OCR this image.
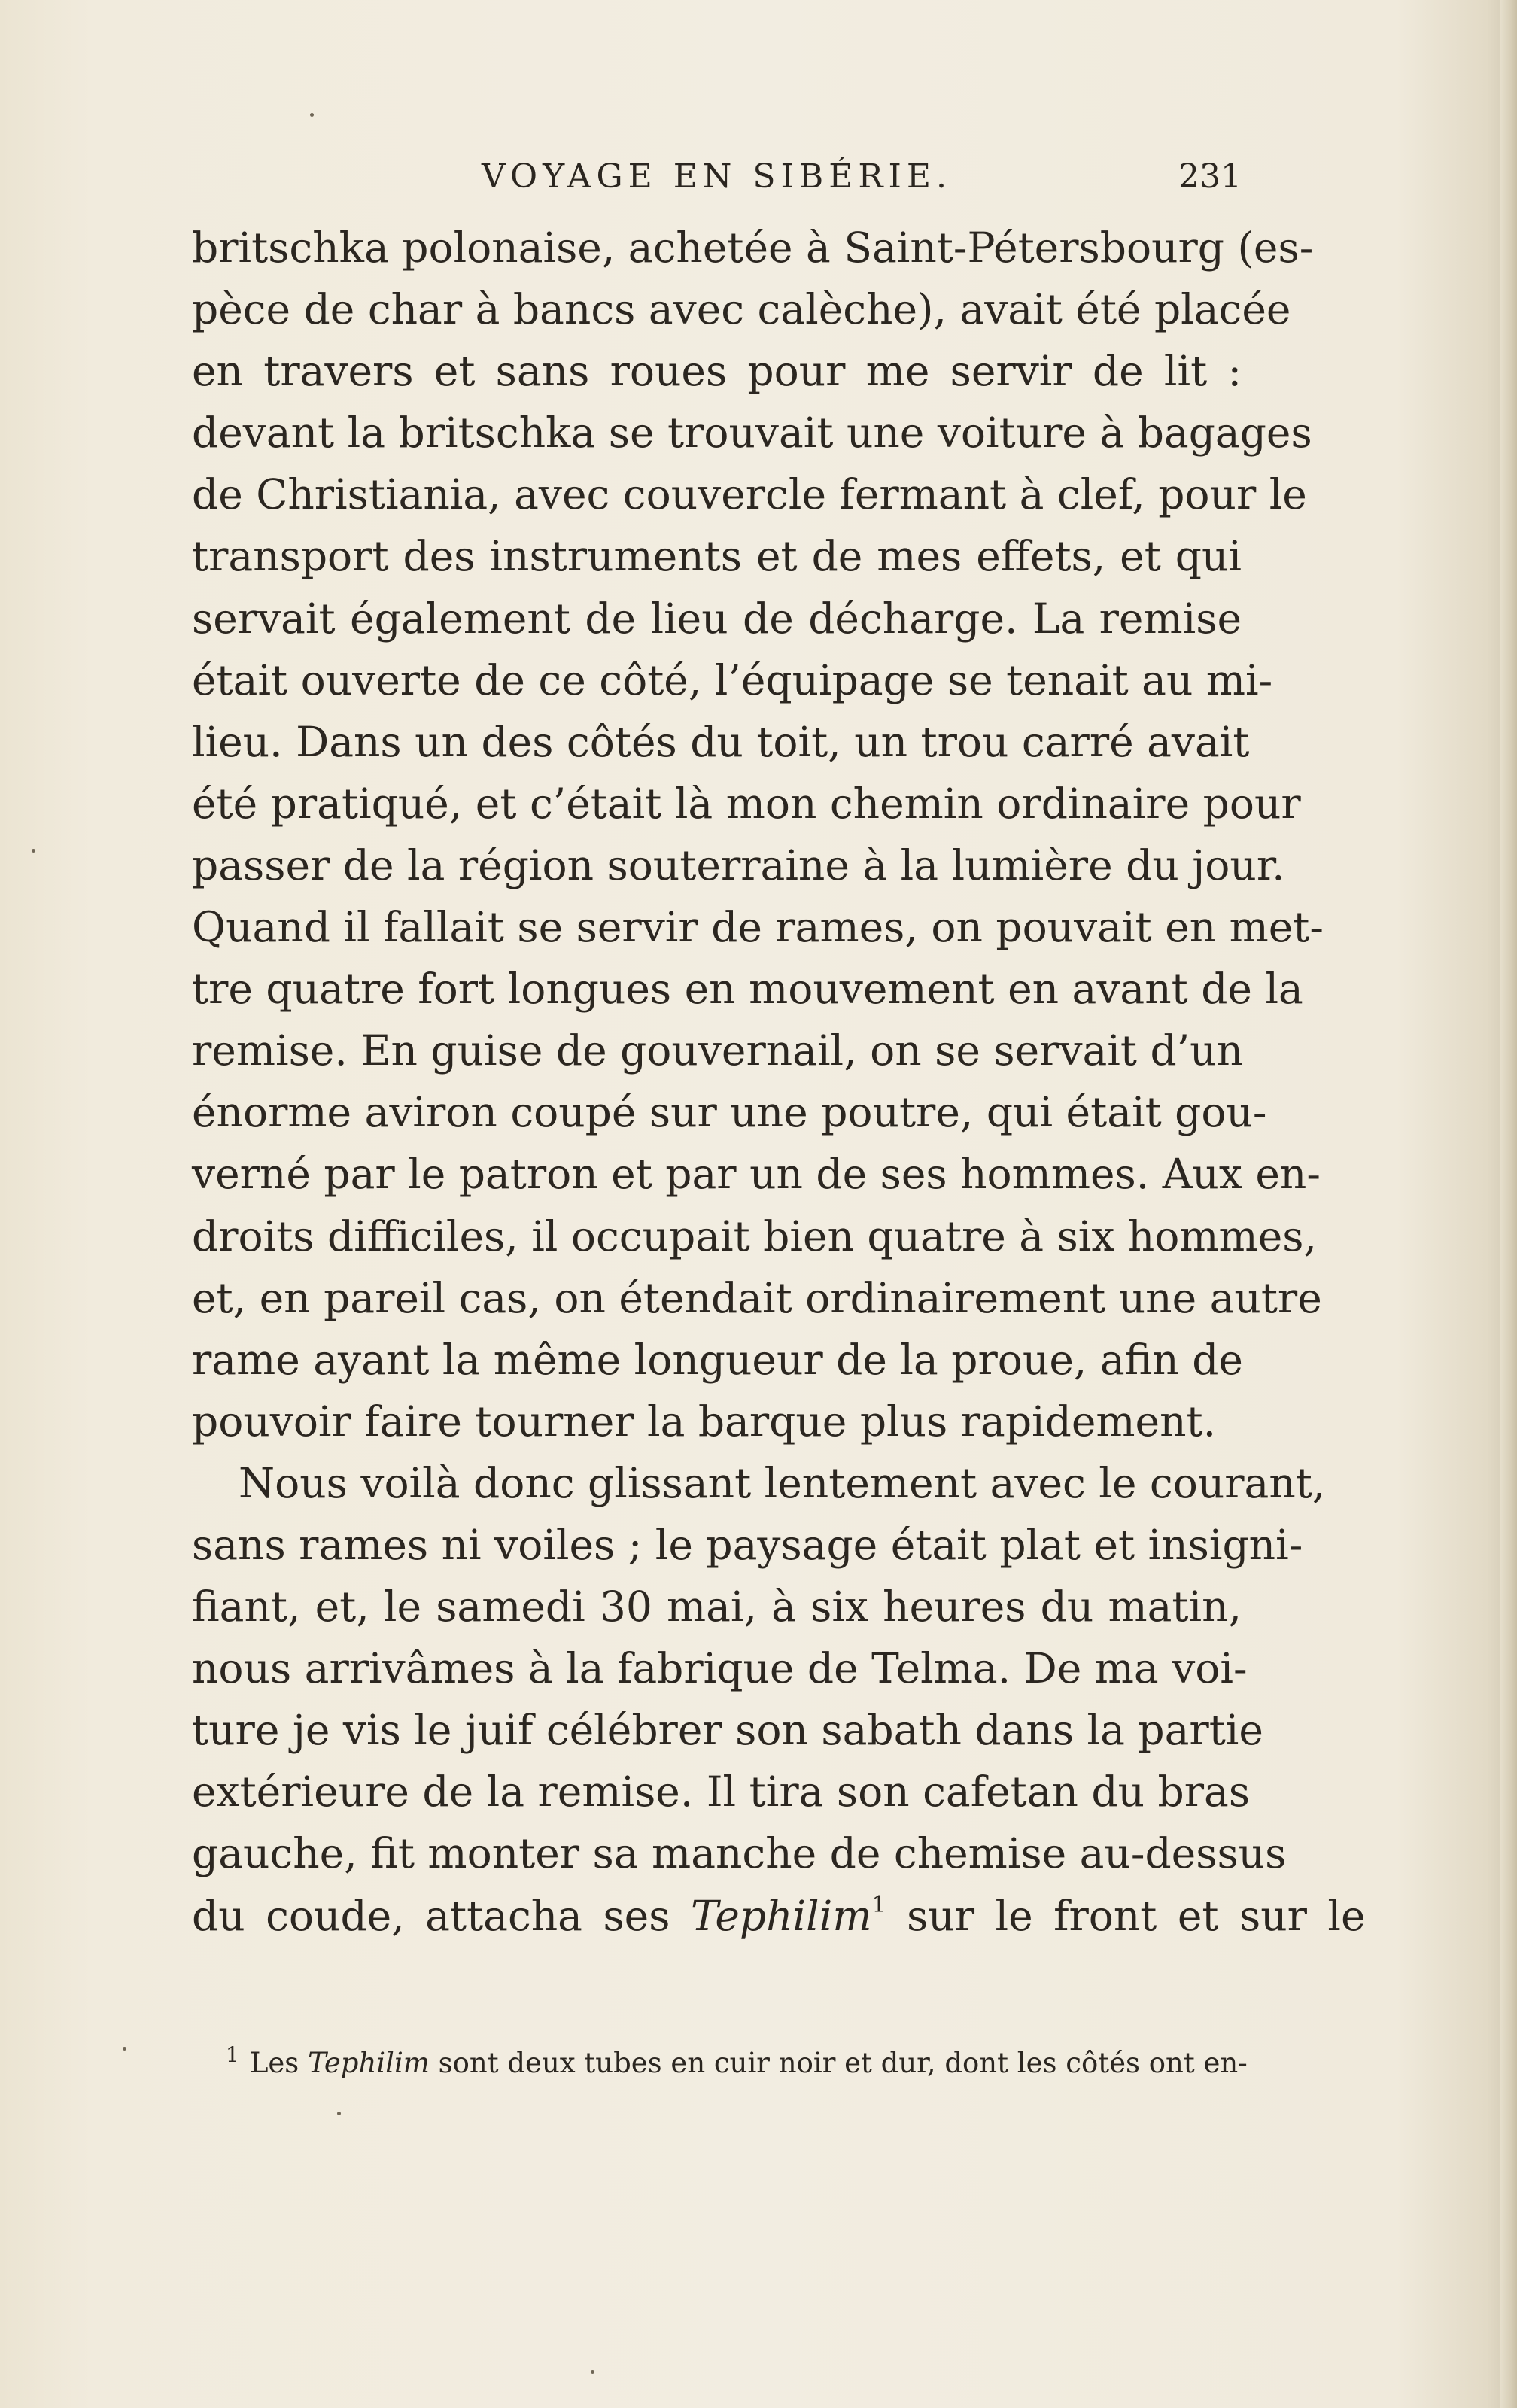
VOYAGE EN SIBÉRIE.	231
britschka polonaise, achetée à Saint-Pétersbourg (es-
pèce de char à bancs avec calèche), avait été placée
en travers et sans roues pour me servir de lit :
devant la britschka se trouvait une voiture à bagages
de Christiania, avec couvercle fermant à clef, pour le
transport des instruments et de mes effets, et qui
servait également de lieu de décharge. La remise
était ouverte de ce côté, l’équipage se tenait au mi-
lieu. Dans un des côtés du toit, un trou carré avait
été pratiqué, et c’était là mon chemin ordinaire pour
passer de la région souterraine à la lumière du jour.
Quand il fallait se servir de rames, on pouvait en met-
tre quatre fort longues en mouvement en avant de la
remise. En guise de gouvernail, on se servait d’un
énorme aviron coupé sur une poutre, qui était gou-
verné par le patron et par un de ses hommes. Aux en-
droits difficiles, il occupait bien quatre à six hommes,
et, en pareil cas, on étendait ordinairement une autre
rame ayant la même longueur de la proue, afin de
pouvoir faire tourner la barque plus rapidement.
Nous voilà donc glissant lentement avec le courant,
sans rames ni voiles ; le paysage était plat et insigni-
fiant, et, le samedi 30 mai, à six heures du matin,
nous arrivâmes à la fabrique de Telma. De ma voi-
ture je vis le juif célébrer son sabath dans la partie
extérieure de la remise. Il tira son cafetan du bras
gauche, fit monter sa manche de chemise au-dessus
du coude, attacha ses Tephilim$^1$ sur le front et sur le
$^1$ Les Tephilim sont deux tubes en cuir noir et dur, dont les côtés ont en-
